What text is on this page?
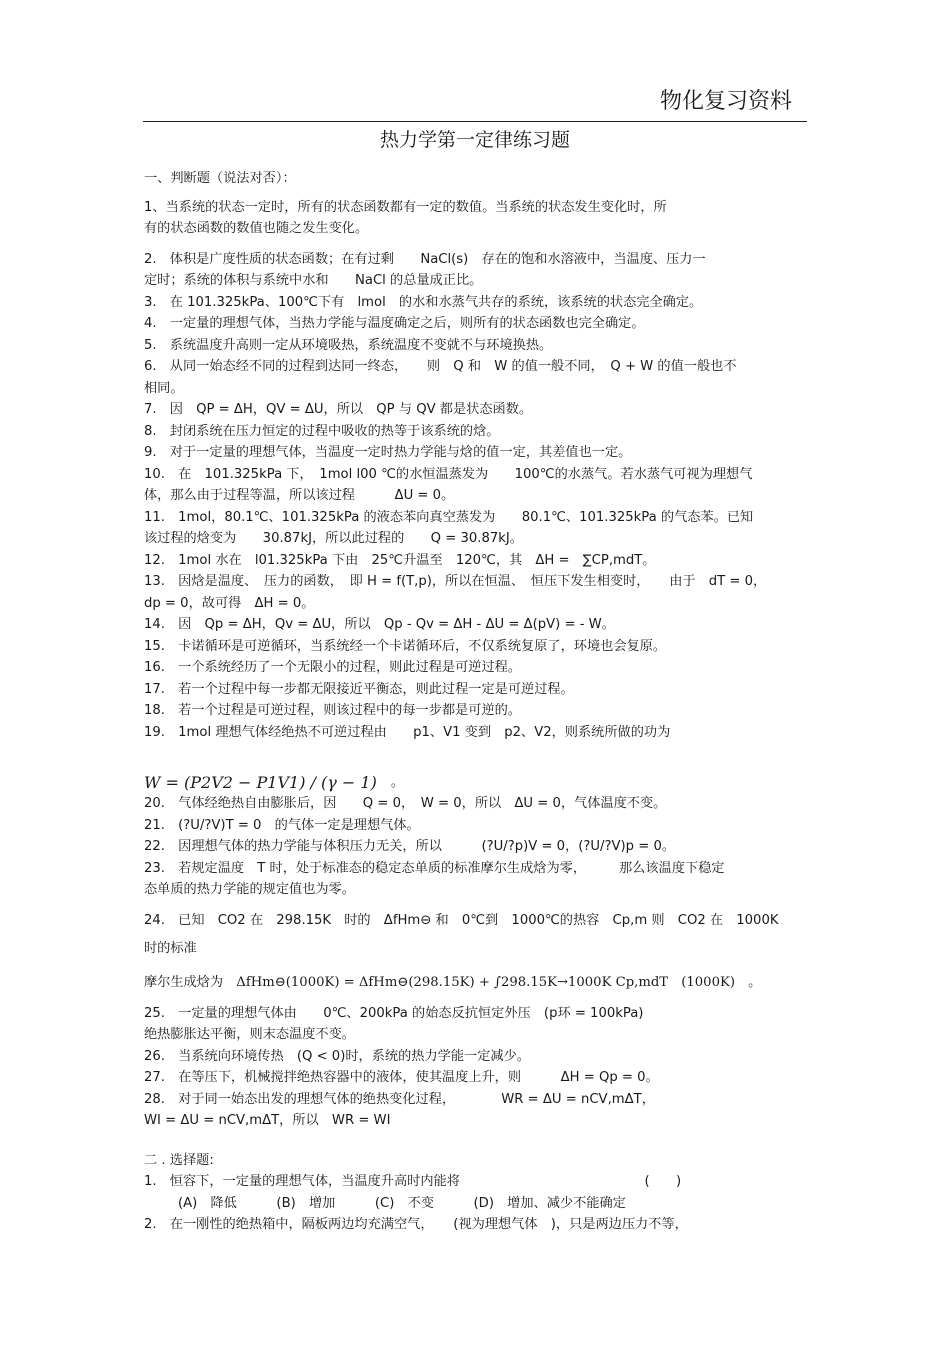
物化复习资料
热力学第一定律练习题
一、判断题（说法对否）：
1、当系统的状态一定时，所有的状态函数都有一定的数值。当系统的状态发生变化时，所
有的状态函数的数值也随之发生变化。
2.　体积是广度性质的状态函数；在有过剩　　NaCl(s)　存在的饱和水溶液中，当温度、压力一
定时；系统的体积与系统中水和　　NaCl 的总量成正比。
3.　在 101.325kPa、100℃下有　lmol　的水和水蒸气共存的系统，该系统的状态完全确定。
4.　一定量的理想气体，当热力学能与温度确定之后，则所有的状态函数也完全确定。
5.　系统温度升高则一定从环境吸热，系统温度不变就不与环境换热。
6.　从同一始态经不同的过程到达同一终态，　　则　Q 和　W 的值一般不同，　Q + W 的值一般也不
相同。
7.　因　QP = ΔH，QV = ΔU，所以　QP 与 QV 都是状态函数。
8.　封闭系统在压力恒定的过程中吸收的热等于该系统的焓。
9.　对于一定量的理想气体，当温度一定时热力学能与焓的值一定，其差值也一定。
10.　在　101.325kPa 下，　1mol l00 ℃的水恒温蒸发为　　100℃的水蒸气。若水蒸气可视为理想气
体，那么由于过程等温，所以该过程　　　ΔU = 0。
11.　1mol，80.1℃、101.325kPa 的液态苯向真空蒸发为　　80.1℃、101.325kPa 的气态苯。已知
该过程的焓变为　　30.87kJ，所以此过程的　　Q = 30.87kJ。
12.　1mol 水在　l01.325kPa 下由　25℃升温至　120℃，其　ΔH =　∑CP,mdT。
13.　因焓是温度、　压力的函数，　即 H = f(T,p)，所以在恒温、　恒压下发生相变时，　　由于　dT = 0，
dp = 0，故可得　ΔH = 0。
14.　因　Qp = ΔH，Qv = ΔU，所以　Qp - Qv = ΔH - ΔU = Δ(pV) = - W。
15.　卡诺循环是可逆循环，当系统经一个卡诺循环后，不仅系统复原了，环境也会复原。
16.　一个系统经历了一个无限小的过程，则此过程是可逆过程。
17.　若一个过程中每一步都无限接近平衡态，则此过程一定是可逆过程。
18.　若一个过程是可逆过程，则该过程中的每一步都是可逆的。
19.　1mol 理想气体经绝热不可逆过程由　　p1、V1 变到　p2、V2，则系统所做的功为
W = (P2V2 − P1V1) / (γ − 1) 。
20.　气体经绝热自由膨胀后，因　　Q = 0，　W = 0，所以　ΔU = 0，气体温度不变。
21.　(?U/?V)T = 0　的气体一定是理想气体。
22.　因理想气体的热力学能与体积压力无关，所以　　　(?U/?p)V = 0，(?U/?V)p = 0。
23.　若规定温度　T 时，处于标准态的稳定态单质的标准摩尔生成焓为零，　　　那么该温度下稳定
态单质的热力学能的规定值也为零。
24.　已知　CO2 在　298.15K　时的　ΔfHm⊖ 和　0℃到　1000℃的热容　Cp,m 则　CO2 在　1000K　时的标准
摩尔生成焓为　ΔfHm⊖(1000K) = ΔfHm⊖(298.15K) + ∫298.15K→1000K Cp,mdT　(1000K)　。
25.　一定量的理想气体由　　0℃、200kPa 的始态反抗恒定外压　(p环 = 100kPa)
绝热膨胀达平衡，则末态温度不变。
26.　当系统向环境传热　(Q < 0)时，系统的热力学能一定减少。
27.　在等压下，机械搅拌绝热容器中的液体，使其温度上升，则　　　ΔH = Qp = 0。
28.　对于同一始态出发的理想气体的绝热变化过程，　　　　WR = ΔU = nCV,mΔT，
WI = ΔU = nCV,mΔT，所以　WR = WI
二 . 选择题:
1.　恒容下，一定量的理想气体，当温度升高时内能将　　　　　　　　　　　　　　(　　)
(A)　降低　　　(B)　增加　　　(C)　不变　　　(D)　增加、减少不能确定
2.　在一刚性的绝热箱中，隔板两边均充满空气，　　(视为理想气体　)，只是两边压力不等，
